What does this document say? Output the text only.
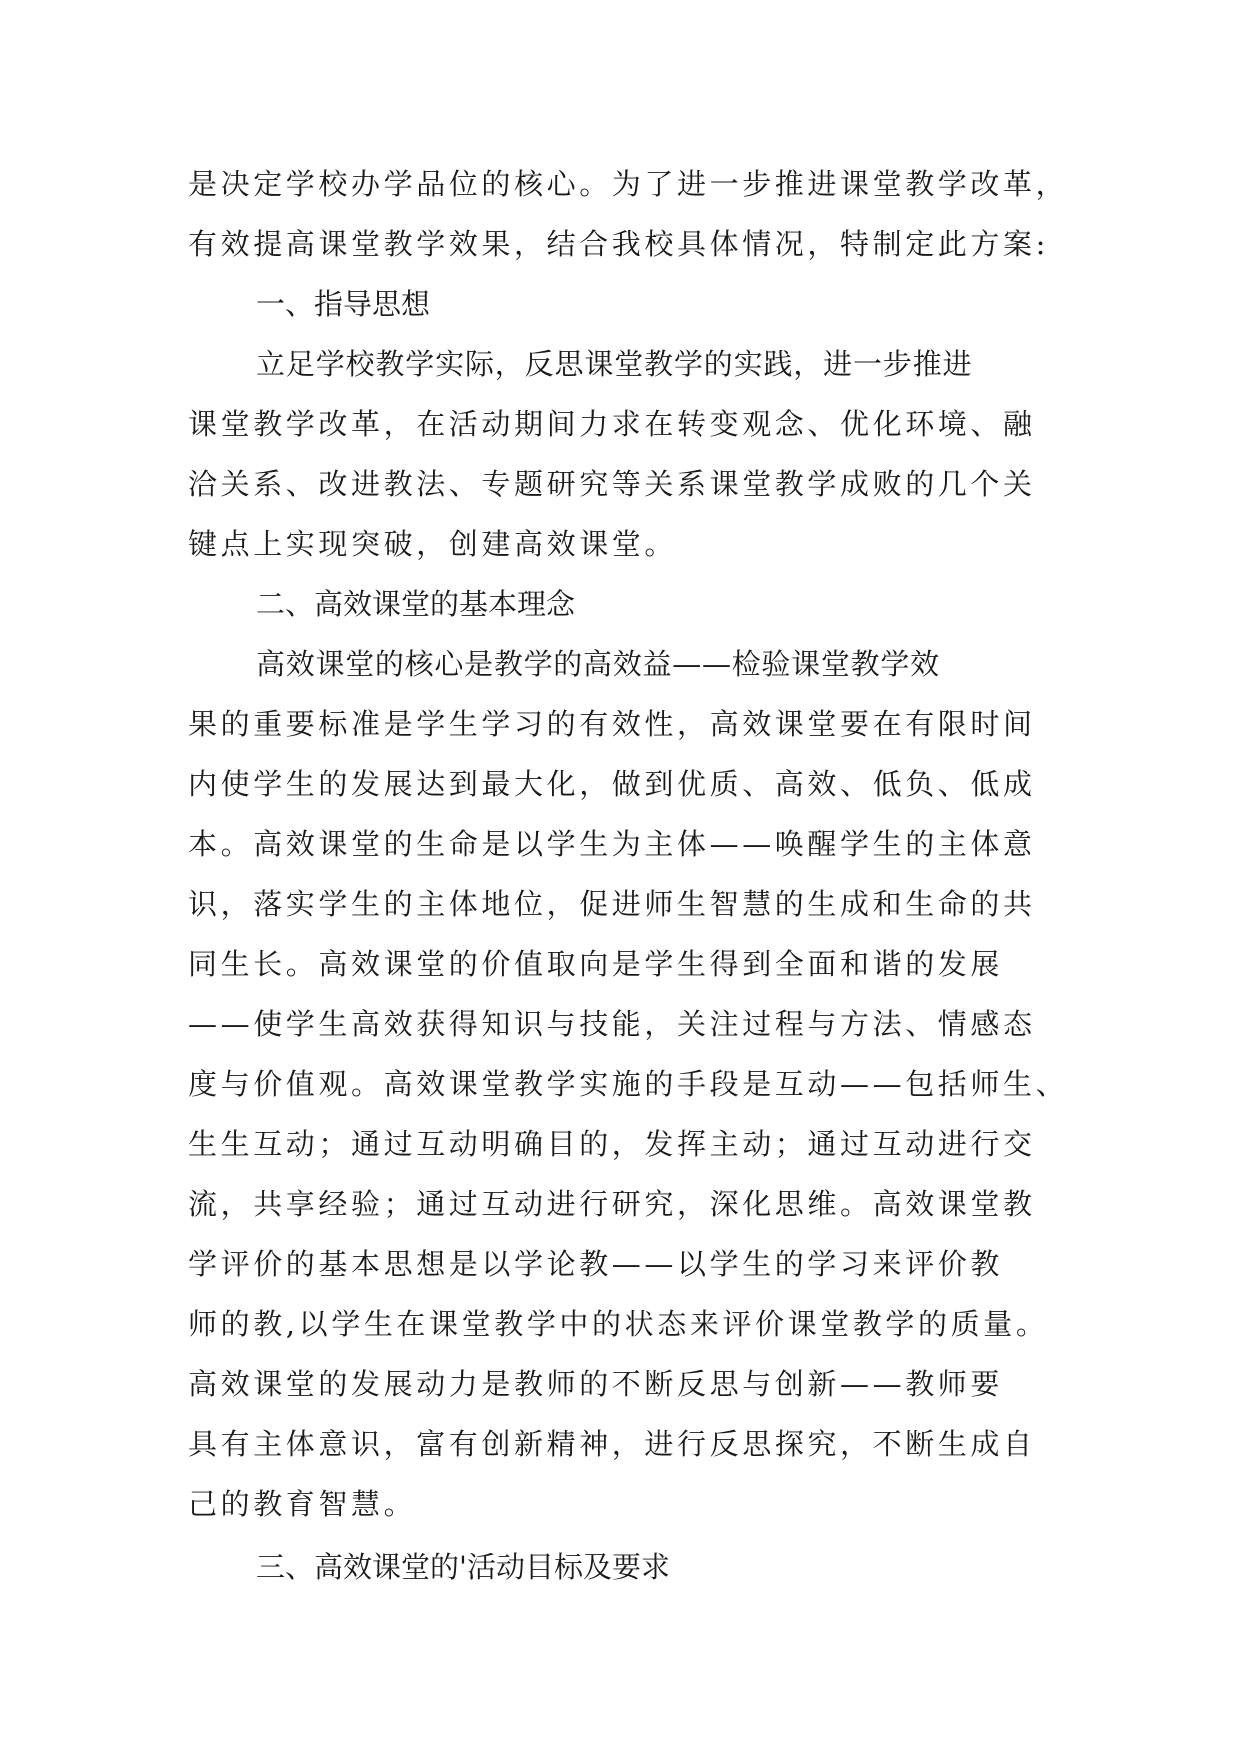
是决定学校办学品位的核心。为了进一步推进课堂教学改革，
有效提高课堂教学效果，结合我校具体情况，特制定此方案:
一、指导思想
立足学校教学实际，反思课堂教学的实践，进一步推进
课堂教学改革，在活动期间力求在转变观念、优化环境、融
洽关系、改进教法、专题研究等关系课堂教学成败的几个关
键点上实现突破，创建高效课堂。
二、高效课堂的基本理念
高效课堂的核心是教学的高效益——检验课堂教学效
果的重要标准是学生学习的有效性，高效课堂要在有限时间
内使学生的发展达到最大化，做到优质、高效、低负、低成
本。高效课堂的生命是以学生为主体——唤醒学生的主体意
识，落实学生的主体地位，促进师生智慧的生成和生命的共
同生长。高效课堂的价值取向是学生得到全面和谐的发展
——使学生高效获得知识与技能，关注过程与方法、情感态
度与价值观。高效课堂教学实施的手段是互动——包括师生、
生生互动；通过互动明确目的，发挥主动；通过互动进行交
流，共享经验；通过互动进行研究，深化思维。高效课堂教
学评价的基本思想是以学论教——以学生的学习来评价教
师的教,以学生在课堂教学中的状态来评价课堂教学的质量。
高效课堂的发展动力是教师的不断反思与创新——教师要
具有主体意识，富有创新精神，进行反思探究，不断生成自
己的教育智慧。
三、高效课堂的'活动目标及要求
